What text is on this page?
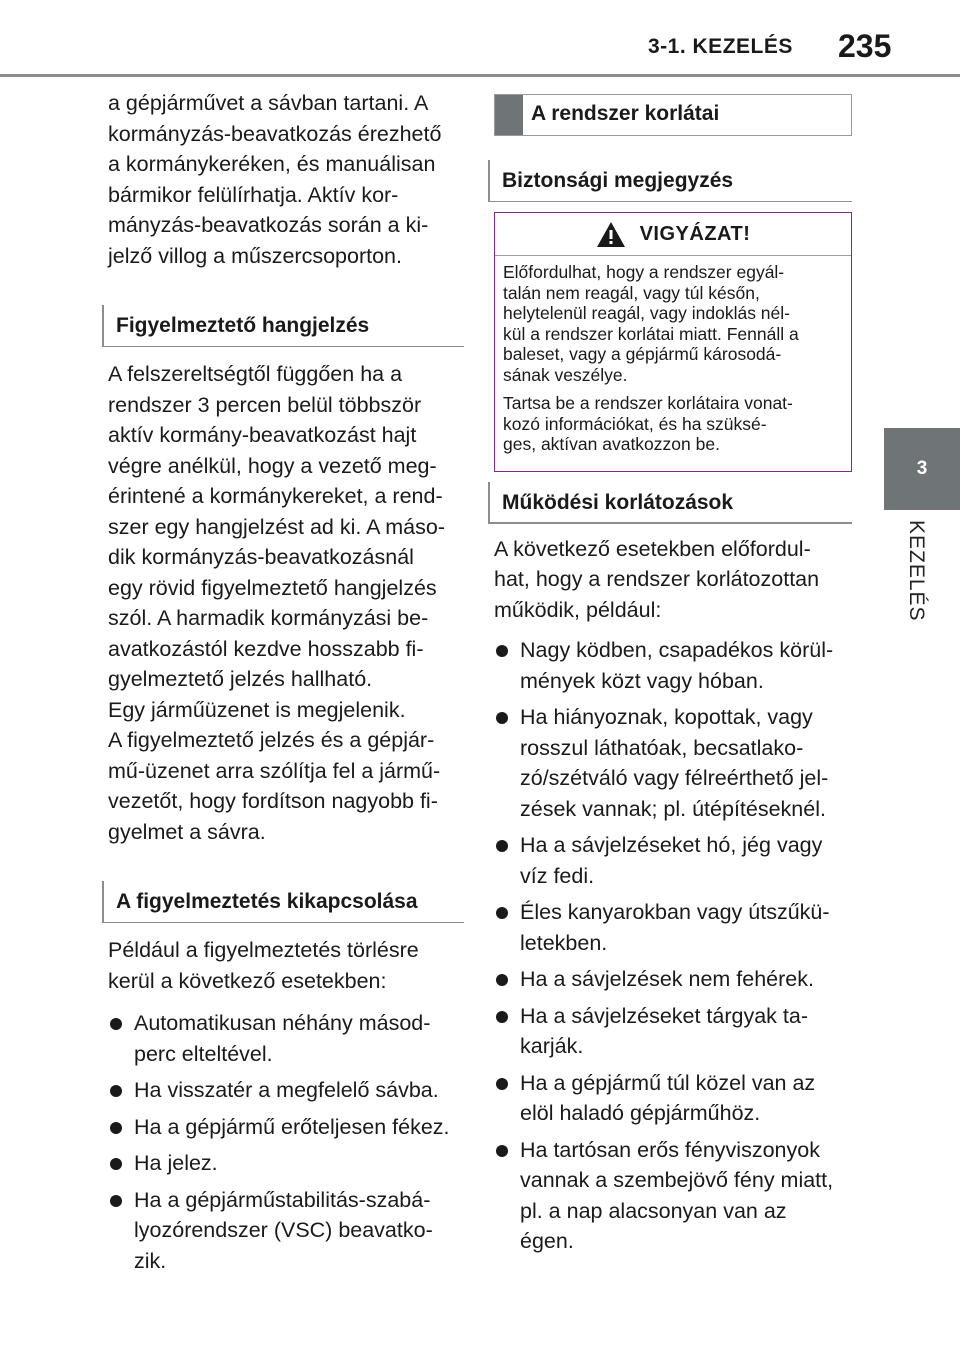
3-1. KEZELÉS 235
3
KEZELÉS

a gépjárművet a sávban tartani. A
kormányzás-beavatkozás érezhető
a kormánykeréken, és manuálisan
bármikor felülírhatja. Aktív kor-
mányzás-beavatkozás során a ki-
jelző villog a műszercsoporton.

Figyelmeztető hangjelzés

A felszereltségtől függően ha a
rendszer 3 percen belül többször
aktív kormány-beavatkozást hajt
végre anélkül, hogy a vezető meg-
érintené a kormánykereket, a rend-
szer egy hangjelzést ad ki. A máso-
dik kormányzás-beavatkozásnál
egy rövid figyelmeztető hangjelzés
szól. A harmadik kormányzási be-
avatkozástól kezdve hosszabb fi-
gyelmeztető jelzés hallható.
Egy járműüzenet is megjelenik.
A figyelmeztető jelzés és a gépjár-
mű-üzenet arra szólítja fel a jármű-
vezetőt, hogy fordítson nagyobb fi-
gyelmet a sávra.

A figyelmeztetés kikapcsolása

Például a figyelmeztetés törlésre
kerül a következő esetekben:

Automatikusan néhány másod-
perc elteltével.
Ha visszatér a megfelelő sávba.
Ha a gépjármű erőteljesen fékez.
Ha jelez.
Ha a gépjárműstabilitás-szabá-
lyozórendszer (VSC) beavatko-
zik.
A rendszer korlátai
Biztonsági megjegyzés
VIGYÁZAT!

Előfordulhat, hogy a rendszer egyál-
talán nem reagál, vagy túl későn,
helytelenül reagál, vagy indoklás nél-
kül a rendszer korlátai miatt. Fennáll a
baleset, vagy a gépjármű károsodá-
sának veszélye.

Tartsa be a rendszer korlátaira vonat-
kozó információkat, és ha szüksé-
ges, aktívan avatkozzon be.

Működési korlátozások

A következő esetekben előfordul-
hat, hogy a rendszer korlátozottan
működik, például:

Nagy ködben, csapadékos körül-
mények közt vagy hóban.
Ha hiányoznak, kopottak, vagy
rosszul láthatóak, becsatlako-
zó/szétváló vagy félreérthető jel-
zések vannak; pl. útépítéseknél.
Ha a sávjelzéseket hó, jég vagy
víz fedi.
Éles kanyarokban vagy útszűkü-
letekben.
Ha a sávjelzések nem fehérek.
Ha a sávjelzéseket tárgyak ta-
karják.
Ha a gépjármű túl közel van az
elöl haladó gépjárműhöz.
Ha tartósan erős fényviszonyok
vannak a szembejövő fény miatt,
pl. a nap alacsonyan van az
égen.
